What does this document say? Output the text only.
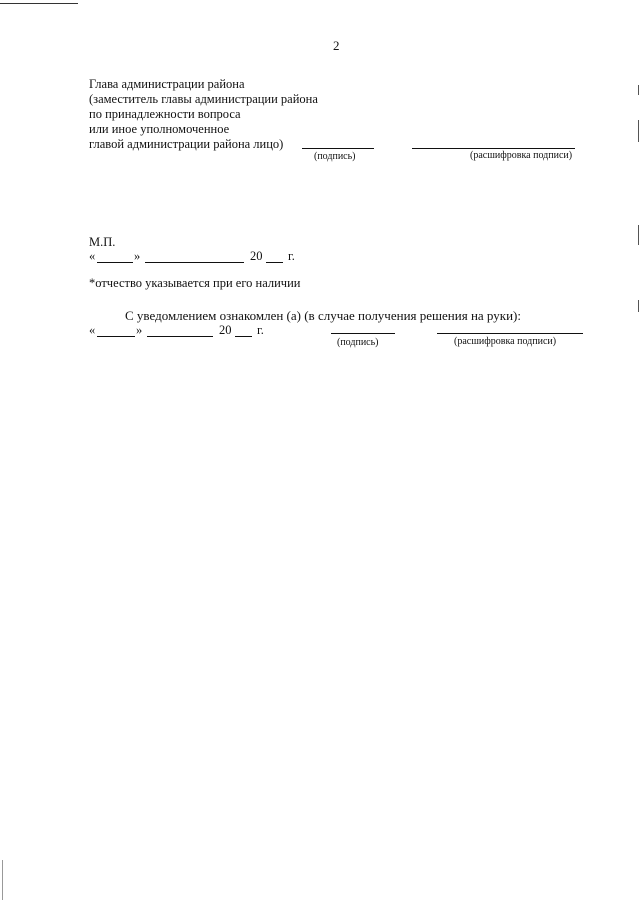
2
Глава администрации района
(заместитель главы администрации района
по принадлежности вопроса
или иное уполномоченное
главой администрации района лицо)
(подпись)	(расшифровка подписи)
М.П.
«	»	20 г.
*отчество указывается при его наличии
С уведомлением ознакомлен (а) (в случае получения решения на руки):
«	»	20 г.
(подпись)	(расшифровка подписи)
